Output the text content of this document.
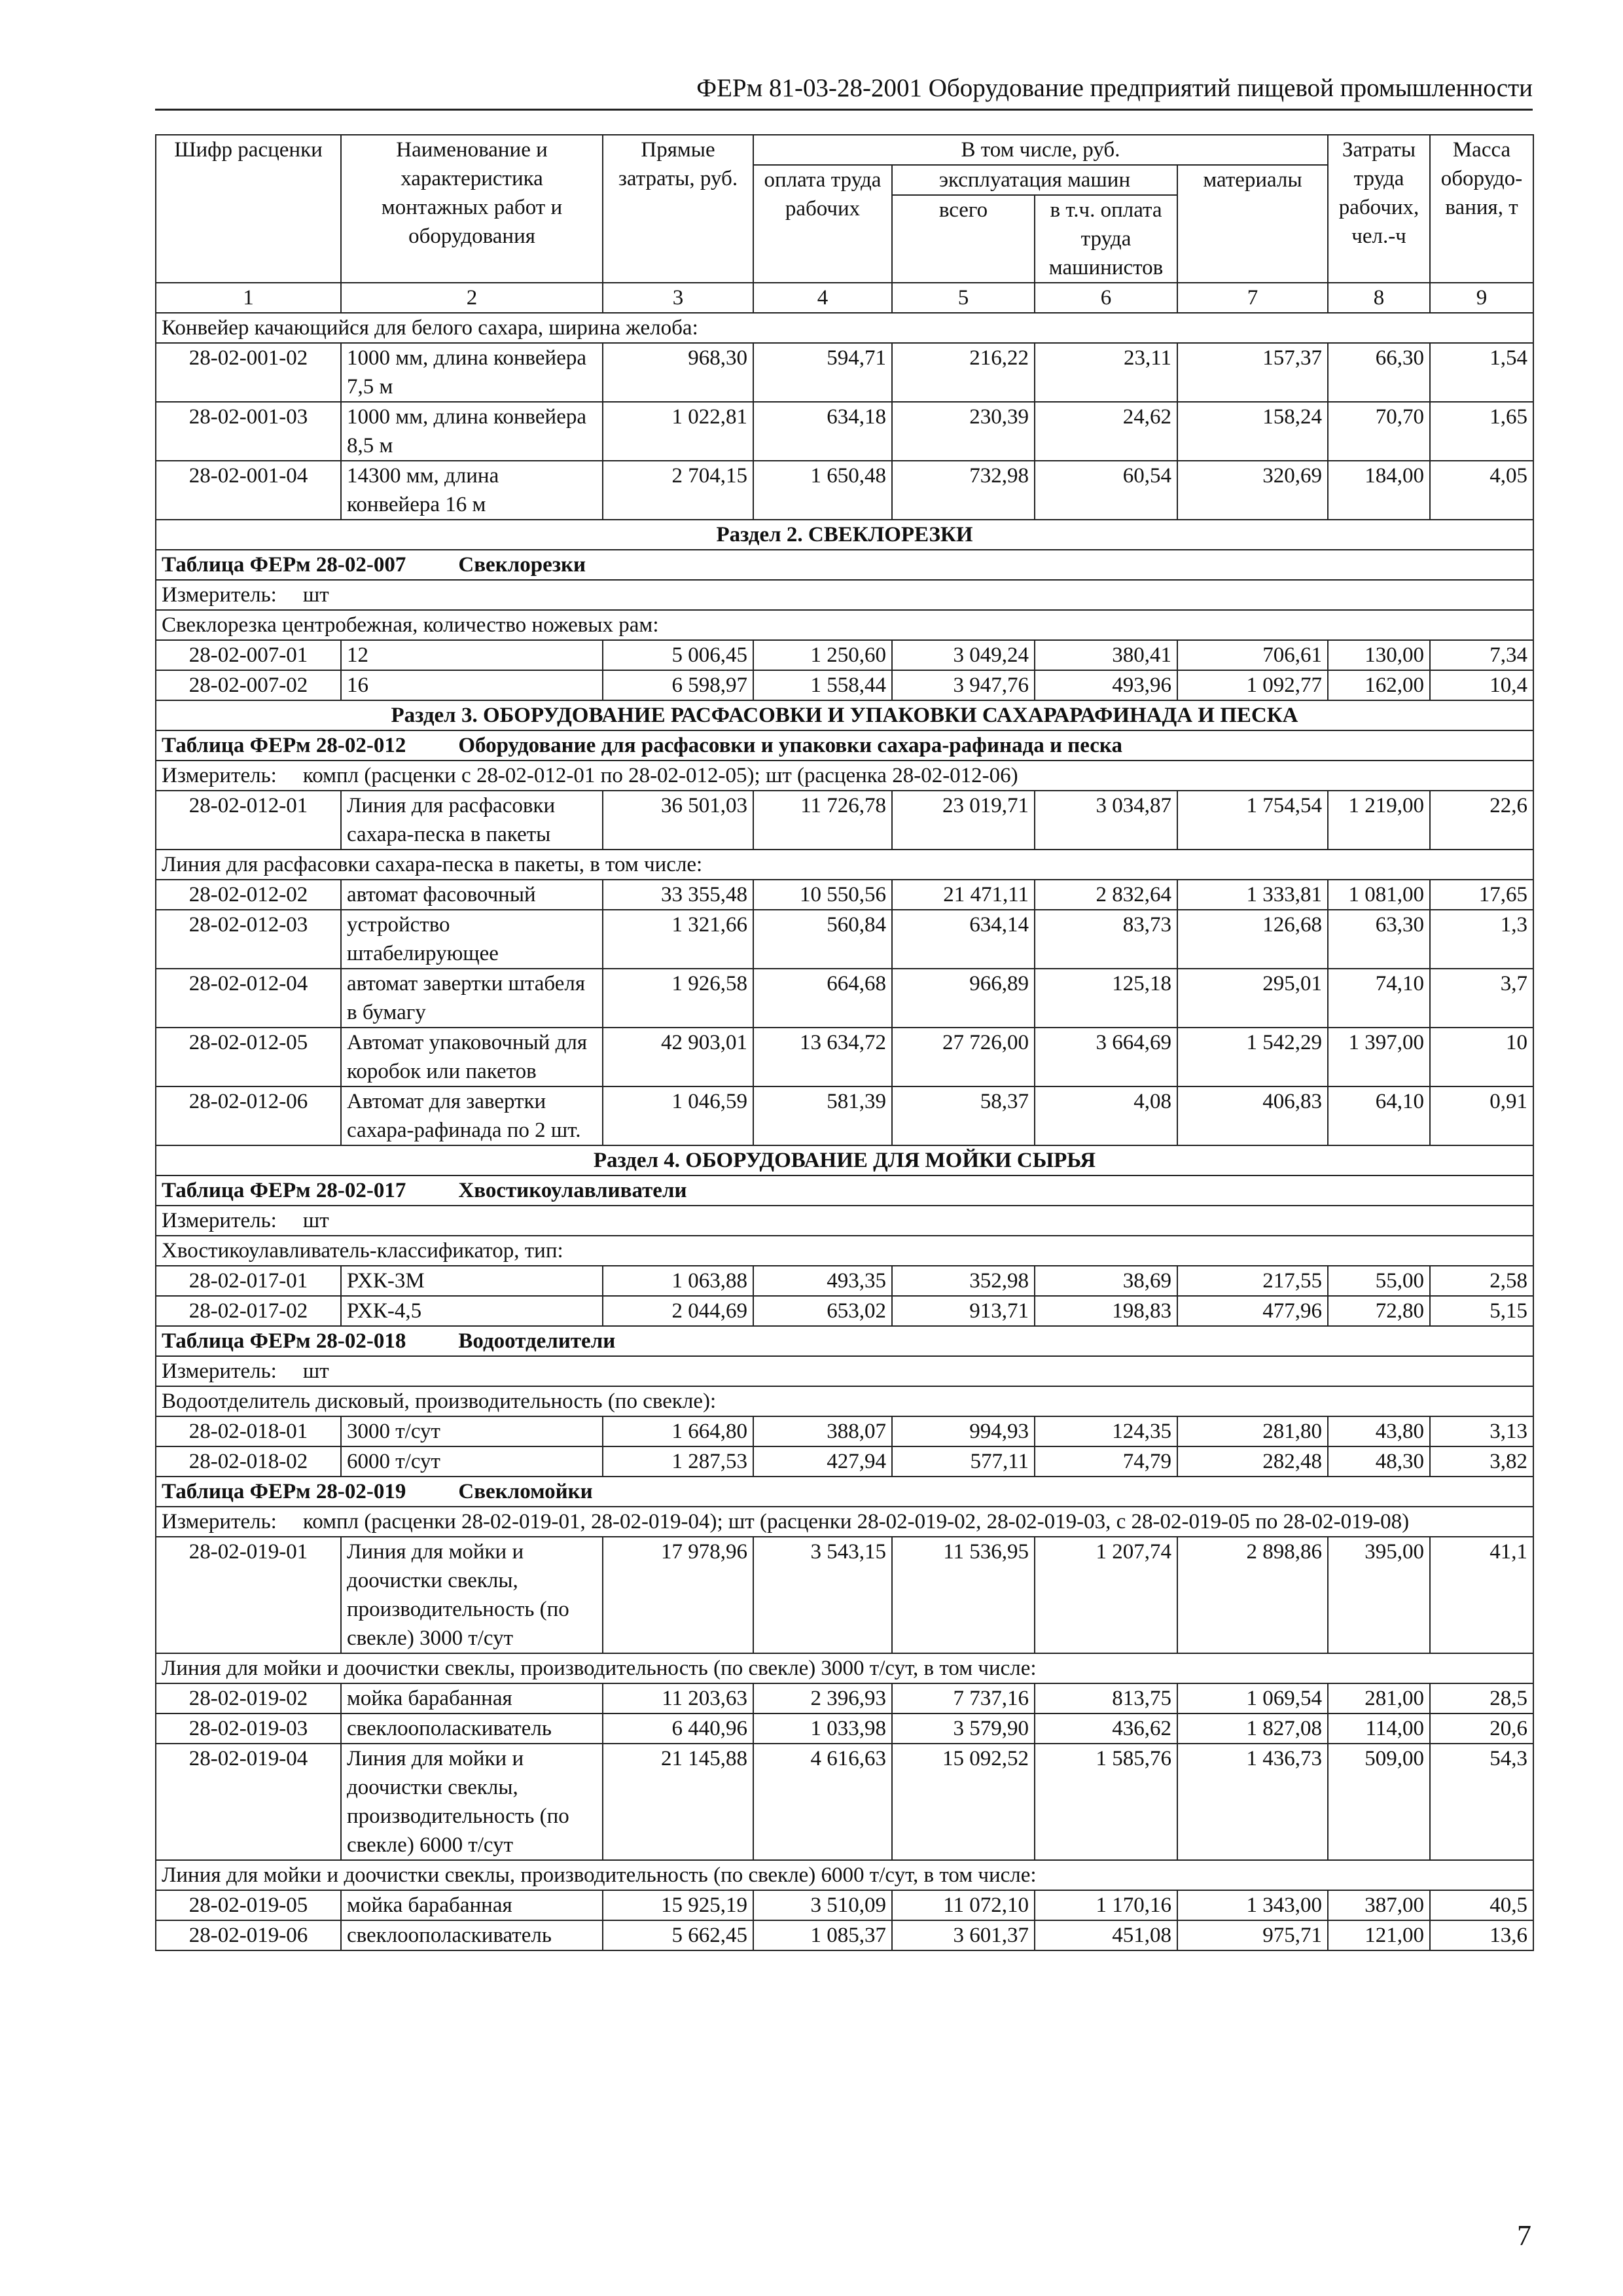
ФЕРм 81-03-28-2001 Оборудование предприятий пищевой промышленности
Шифр расценки	Наименование и характеристика монтажных работ и оборудования	Прямые затраты, руб.	В том числе, руб.				Затраты труда рабочих, чел.-ч	Масса оборудо-вания, т
			оплата труда рабочих	эксплуатация машин		материалы		
				всего	в т.ч. оплата труда машинистов			
1	2	3	4	5	6	7	8	9
Конвейер качающийся для белого сахара, ширина желоба:								
28-02-001-02	1000 мм, длина конвейера 7,5 м	968,30	594,71	216,22	23,11	157,37	66,30	1,54
28-02-001-03	1000 мм, длина конвейера 8,5 м	1 022,81	634,18	230,39	24,62	158,24	70,70	1,65
28-02-001-04	14300 мм, длина конвейера 16 м	2 704,15	1 650,48	732,98	60,54	320,69	184,00	4,05
Раздел 2. СВЕКЛОРЕЗКИ								
Таблица ФЕРм 28-02-007 Свеклорезки								
Измеритель: шт								
Свеклорезка центробежная, количество ножевых рам:								
28-02-007-01	12	5 006,45	1 250,60	3 049,24	380,41	706,61	130,00	7,34
28-02-007-02	16	6 598,97	1 558,44	3 947,76	493,96	1 092,77	162,00	10,4
Раздел 3. ОБОРУДОВАНИЕ РАСФАСОВКИ И УПАКОВКИ САХАРАРАФИНАДА И ПЕСКА								
Таблица ФЕРм 28-02-012 Оборудование для расфасовки и упаковки сахара-рафинада и песка								
Измеритель: компл (расценки с 28-02-012-01 по 28-02-012-05); шт (расценка 28-02-012-06)								
28-02-012-01	Линия для расфасовки сахара-песка в пакеты	36 501,03	11 726,78	23 019,71	3 034,87	1 754,54	1 219,00	22,6
Линия для расфасовки сахара-песка в пакеты, в том числе:								
28-02-012-02	автомат фасовочный	33 355,48	10 550,56	21 471,11	2 832,64	1 333,81	1 081,00	17,65
28-02-012-03	устройство штабелирующее	1 321,66	560,84	634,14	83,73	126,68	63,30	1,3
28-02-012-04	автомат завертки штабеля в бумагу	1 926,58	664,68	966,89	125,18	295,01	74,10	3,7
28-02-012-05	Автомат упаковочный для коробок или пакетов	42 903,01	13 634,72	27 726,00	3 664,69	1 542,29	1 397,00	10
28-02-012-06	Автомат для завертки сахара-рафинада по 2 шт.	1 046,59	581,39	58,37	4,08	406,83	64,10	0,91
Раздел 4. ОБОРУДОВАНИЕ ДЛЯ МОЙКИ СЫРЬЯ								
Таблица ФЕРм 28-02-017 Хвостикоулавливатели								
Измеритель: шт								
Хвостикоулавливатель-классификатор, тип:								
28-02-017-01	РХК-3М	1 063,88	493,35	352,98	38,69	217,55	55,00	2,58
28-02-017-02	РХК-4,5	2 044,69	653,02	913,71	198,83	477,96	72,80	5,15
Таблица ФЕРм 28-02-018 Водоотделители								
Измеритель: шт								
Водоотделитель дисковый, производительность (по свекле):								
28-02-018-01	3000 т/сут	1 664,80	388,07	994,93	124,35	281,80	43,80	3,13
28-02-018-02	6000 т/сут	1 287,53	427,94	577,11	74,79	282,48	48,30	3,82
Таблица ФЕРм 28-02-019 Свекломойки								
Измеритель: компл (расценки 28-02-019-01, 28-02-019-04); шт (расценки 28-02-019-02, 28-02-019-03, с 28-02-019-05 по 28-02-019-08)								
28-02-019-01	Линия для мойки и доочистки свеклы, производительность (по свекле) 3000 т/сут	17 978,96	3 543,15	11 536,95	1 207,74	2 898,86	395,00	41,1
Линия для мойки и доочистки свеклы, производительность (по свекле) 3000 т/сут, в том числе:								
28-02-019-02	мойка барабанная	11 203,63	2 396,93	7 737,16	813,75	1 069,54	281,00	28,5
28-02-019-03	свеклоополаскиватель	6 440,96	1 033,98	3 579,90	436,62	1 827,08	114,00	20,6
28-02-019-04	Линия для мойки и доочистки свеклы, производительность (по свекле) 6000 т/сут	21 145,88	4 616,63	15 092,52	1 585,76	1 436,73	509,00	54,3
Линия для мойки и доочистки свеклы, производительность (по свекле) 6000 т/сут, в том числе:								
28-02-019-05	мойка барабанная	15 925,19	3 510,09	11 072,10	1 170,16	1 343,00	387,00	40,5
28-02-019-06	свеклоополаскиватель	5 662,45	1 085,37	3 601,37	451,08	975,71	121,00	13,6
7
